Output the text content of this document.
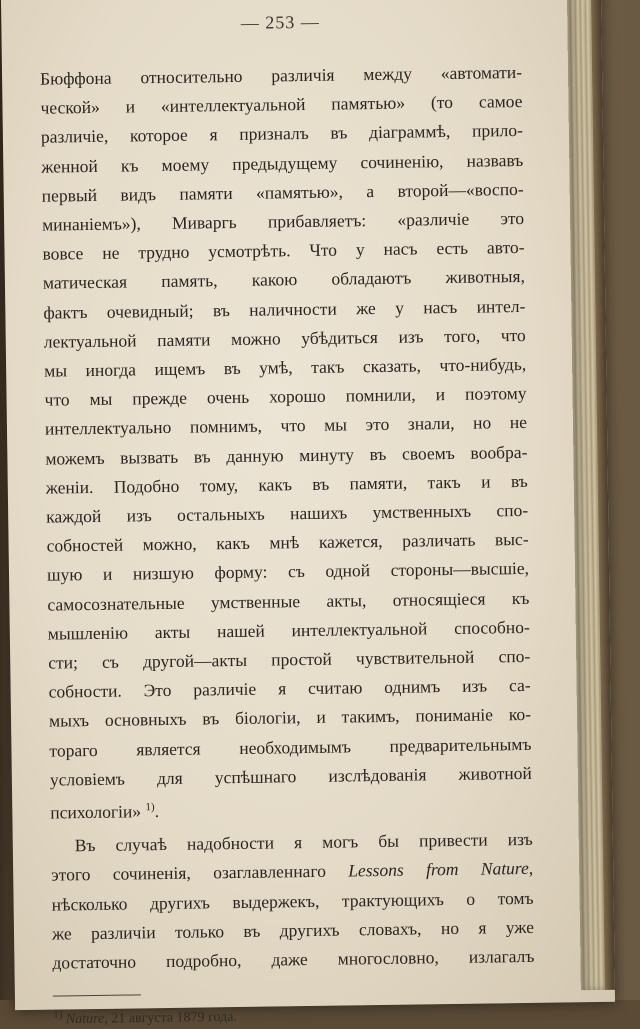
— 253 —
Бюффона относительно различія между «автомати-
ческой» и «интеллектуальной памятью» (то самое
различіе, которое я призналъ въ діаграммѣ, прило-
женной къ моему предыдущему сочиненію, назвавъ
первый видъ памяти «памятью», а второй—«воспо-
минаніемъ»), Миваргь прибавляетъ: «различіе это
вовсе не трудно усмотрѣть. Что у насъ есть авто-
матическая память, какою обладаютъ животныя,
фактъ очевидный; въ наличности же у насъ интел-
лектуальной памяти можно убѣдиться изъ того, что
мы иногда ищемъ въ умѣ, такъ сказать, что-нибудь,
что мы прежде очень хорошо помнили, и поэтому
интеллектуально помнимъ, что мы это знали, но не
можемъ вызвать въ данную минуту въ своемъ вообра-
женіи. Подобно тому, какъ въ памяти, такъ и въ
каждой изъ остальныхъ нашихъ умственныхъ спо-
собностей можно, какъ мнѣ кажется, различать выс-
шую и низшую форму: съ одной стороны—высшіе,
самосознательные умственные акты, относящіеся къ
мышленію акты нашей интеллектуальной способно-
сти; съ другой—акты простой чувствительной спо-
собности. Это различіе я считаю однимъ изъ са-
мыхъ основныхъ въ біологіи, и такимъ, пониманіе ко-
тораго является необходимымъ предварительнымъ
условіемъ для успѣшнаго изслѣдованія животной
психологіи» $^{1)}$.
Въ случаѣ надобности я могъ бы привести изъ
этого сочиненія, озаглавленнаго Lessons from Nature,
нѣсколько другихъ выдержекъ, трактующихъ о томъ
же различіи только въ другихъ словахъ, но я уже
достаточно подробно, даже многословно, излагалъ
$^{1)}$ Nature, 21 августа 1879 года.
